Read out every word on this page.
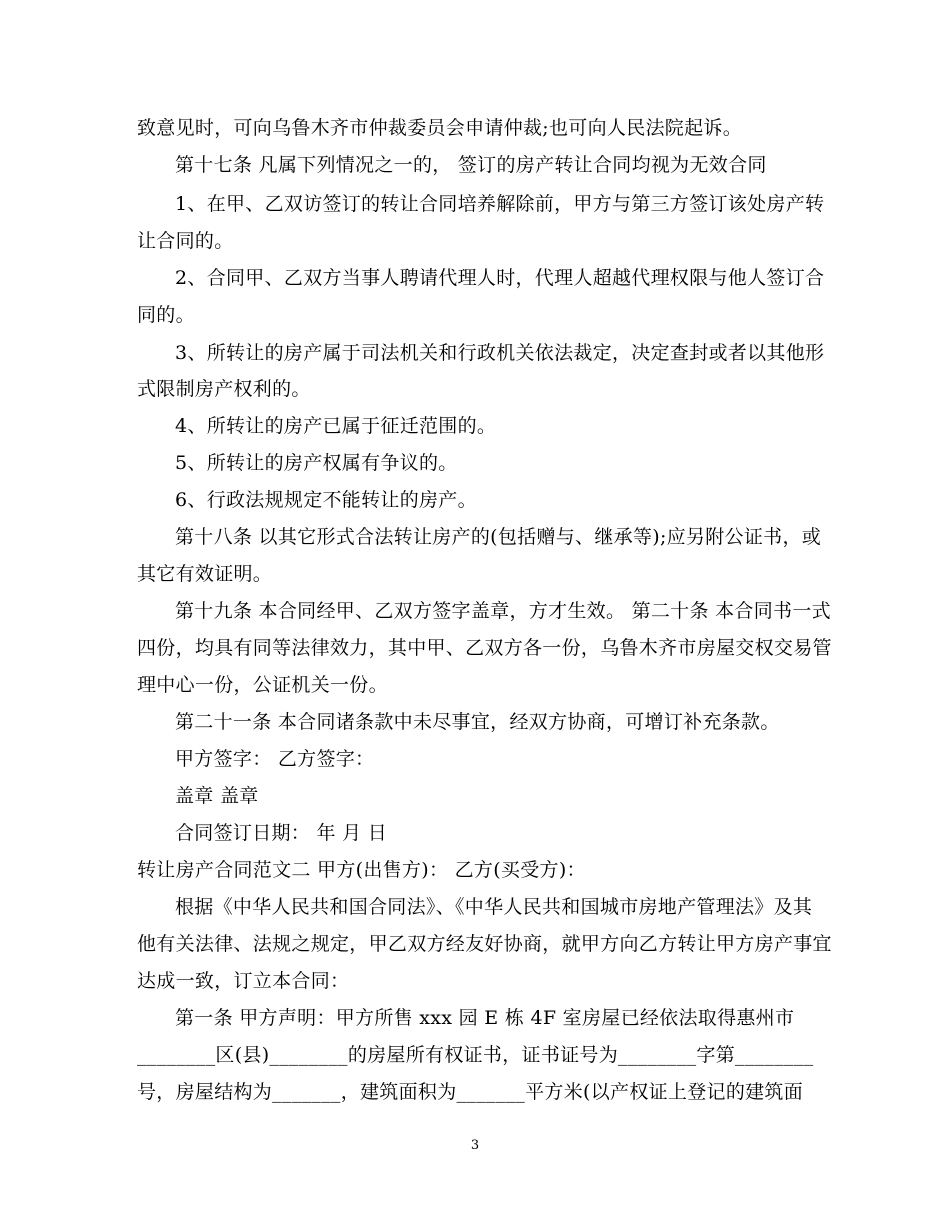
致意见时，可向乌鲁木齐市仲裁委员会申请仲裁;也可向人民法院起诉。
第十七条 凡属下列情况之一的， 签订的房产转让合同均视为无效合同
1、在甲、乙双访签订的转让合同培养解除前，甲方与第三方签订该处房产转
让合同的。
2、合同甲、乙双方当事人聘请代理人时，代理人超越代理权限与他人签订合
同的。
3、所转让的房产属于司法机关和行政机关依法裁定，决定查封或者以其他形
式限制房产权利的。
4、所转让的房产已属于征迁范围的。
5、所转让的房产权属有争议的。
6、行政法规规定不能转让的房产。
第十八条 以其它形式合法转让房产的(包括赠与、继承等);应另附公证书，或
其它有效证明。
第十九条 本合同经甲、乙双方签字盖章，方才生效。 第二十条 本合同书一式
四份，均具有同等法律效力，其中甲、乙双方各一份，乌鲁木齐市房屋交权交易管
理中心一份，公证机关一份。
第二十一条 本合同诸条款中未尽事宜，经双方协商，可增订补充条款。
甲方签字： 乙方签字：
盖章 盖章
合同签订日期： 年 月 日
转让房产合同范文二 甲方(出售方)： 乙方(买受方)：
根据《中华人民共和国合同法》、《中华人民共和国城市房地产管理法》及其
他有关法律、法规之规定，甲乙双方经友好协商，就甲方向乙方转让甲方房产事宜
达成一致，订立本合同：
第一条 甲方声明：甲方所售 xxx 园 E 栋 4F 室房屋已经依法取得惠州市
________区(县)________的房屋所有权证书，证书证号为________字第________
号，房屋结构为_______，建筑面积为_______平方米(以产权证上登记的建筑面
3
